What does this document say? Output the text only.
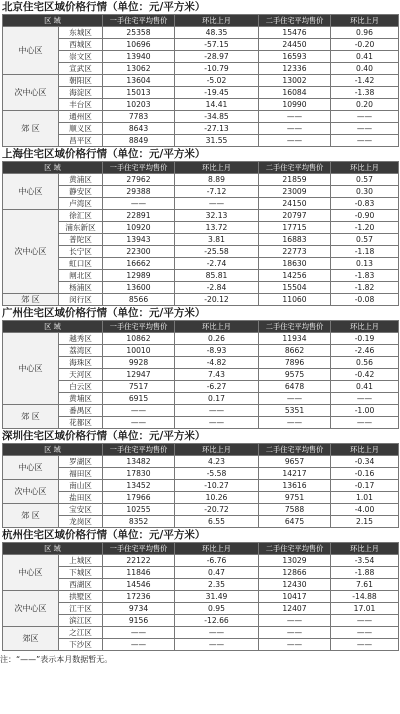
北京住宅区域价格行情（单位：元/平方米）
区 域		一手住宅平均售价	环比上月	二手住宅平均售价	环比上月
中心区	东城区	25358	48.35	15476	0.96
	西城区	10696	-57.15	24450	-0.20
	崇文区	13940	-28.97	16593	0.41
	宣武区	13062	-10.79	12336	0.40
次中心区	朝阳区	13604	-5.02	13002	-1.42
	海淀区	15013	-19.45	16084	-1.38
	丰台区	10203	14.41	10990	0.20
郊 区	通州区	7783	-34.85	——	——
	顺义区	8643	-27.13	——	——
	昌平区	8849	31.55	——	——
上海住宅区域价格行情（单位：元/平方米）
区 域		一手住宅平均售价	环比上月	二手住宅平均售价	环比上月
中心区	黄浦区	27962	8.89	21859	0.57
	静安区	29388	-7.12	23009	0.30
	卢湾区	——	——	24150	-0.83
次中心区	徐汇区	22891	32.13	20797	-0.90
	浦东新区	10920	13.72	17715	-1.20
	普陀区	13943	3.81	16883	0.57
	长宁区	22300	-25.58	22773	-1.18
	虹口区	16662	-2.74	18630	0.13
	闸北区	12989	85.81	14256	-1.83
	杨浦区	13600	-2.84	15504	-1.82
郊 区	闵行区	8566	-20.12	11060	-0.08
广州住宅区域价格行情（单位：元/平方米）
区 域		一手住宅平均售价	环比上月	二手住宅平均售价	环比上月
中心区	越秀区	10862	0.26	11934	-0.19
	荔湾区	10010	-8.93	8662	-2.46
	海珠区	9928	-4.82	7896	0.56
	天河区	12947	7.43	9575	-0.42
	白云区	7517	-6.27	6478	0.41
	黄埔区	6915	0.17	——	——
郊 区	番禺区	——	——	5351	-1.00
	花都区	——	——	——	——
深圳住宅区域价格行情（单位：元/平方米）
区 域		一手住宅平均售价	环比上月	二手住宅平均售价	环比上月
中心区	罗湖区	13482	4.23	9657	-0.34
	福田区	17830	-5.58	14217	-0.16
次中心区	南山区	13452	-10.27	13616	-0.17
	盐田区	17966	10.26	9751	1.01
郊 区	宝安区	10255	-20.72	7588	-4.00
	龙岗区	8352	6.55	6475	2.15
杭州住宅区域价格行情（单位：元/平方米）
区 域		一手住宅平均售价	环比上月	二手住宅平均售价	环比上月
中心区	上城区	22122	-6.76	13029	-3.54
	下城区	11846	0.47	12866	-1.88
	西湖区	14546	2.35	12430	7.61
次中心区	拱墅区	17236	31.49	10417	-14.88
	江干区	9734	0.95	12407	17.01
	滨江区	9156	-12.66	——	——
郊区	之江区	——	——	——	——
	下沙区	——	——	——	——
注：“——”表示本月数据暂无。
